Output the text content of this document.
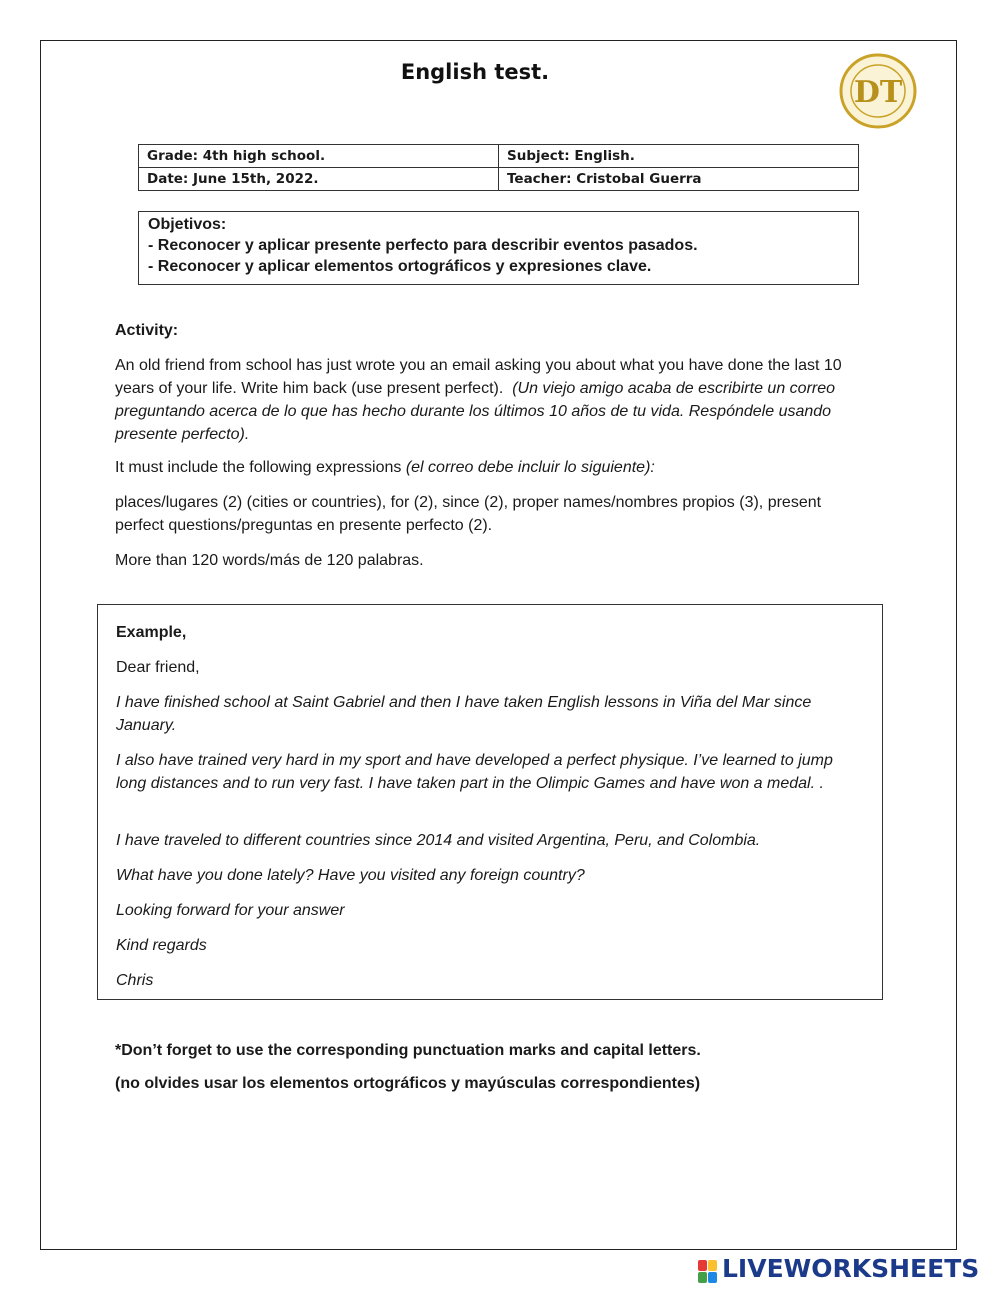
English test.
DT
Grade: 4th high school.	Subject: English.
Date: June 15th, 2022.	Teacher: Cristobal Guerra
Objetivos:
- Reconocer y aplicar presente perfecto para describir eventos pasados.
- Reconocer y aplicar elementos ortográficos y expresiones clave.
Activity:
An old friend from school has just wrote you an email asking you about what you have done the last 10 years of your life. Write him back (use present perfect). (Un viejo amigo acaba de escribirte un correo preguntando acerca de lo que has hecho durante los últimos 10 años de tu vida. Respóndele usando presente perfecto).
It must include the following expressions (el correo debe incluir lo siguiente):
places/lugares (2) (cities or countries), for (2), since (2), proper names/nombres propios (3), present perfect questions/preguntas en presente perfecto (2).
More than 120 words/más de 120 palabras.
Example,
Dear friend,
I have finished school at Saint Gabriel and then I have taken English lessons in Viña del Mar since January.
I also have trained very hard in my sport and have developed a perfect physique. I’ve learned to jump long distances and to run very fast. I have taken part in the Olimpic Games and have won a medal. .
I have traveled to different countries since 2014 and visited Argentina, Peru, and Colombia.
What have you done lately? Have you visited any foreign country?
Looking forward for your answer
Kind regards
Chris
*Don’t forget to use the corresponding punctuation marks and capital letters.
(no olvides usar los elementos ortográficos y mayúsculas correspondientes)
LIVEWORKSHEETS
